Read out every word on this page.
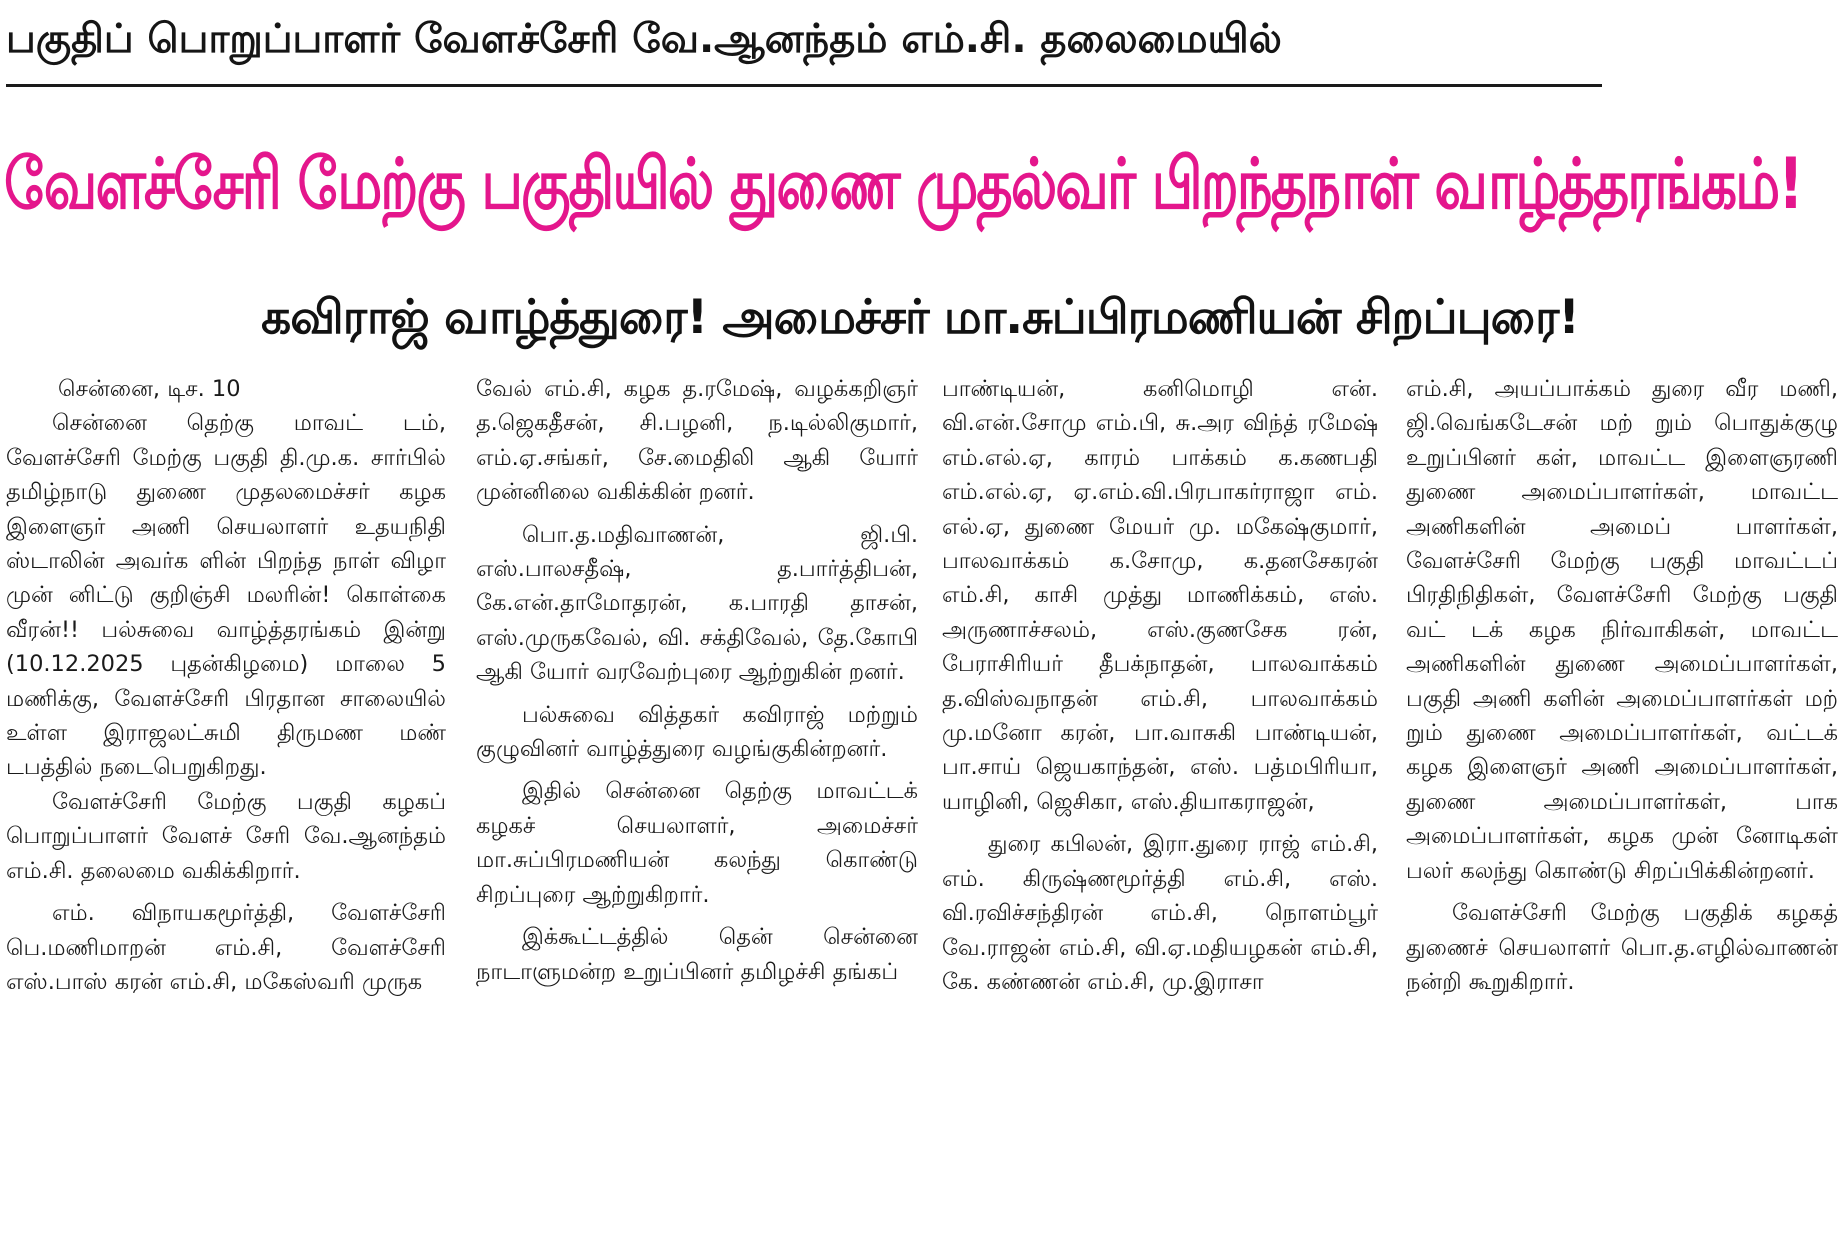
பகுதிப் பொறுப்பாளர் வேளச்சேரி வே.ஆனந்தம் எம்.சி. தலைமையில்
வேளச்சேரி மேற்கு பகுதியில் துணை முதல்வர் பிறந்தநாள் வாழ்த்தரங்கம்!
கவிராஜ் வாழ்த்துரை! அமைச்சர் மா.சுப்பிரமணியன் சிறப்புரை!

சென்னை, டிச. 10

சென்னை தெற்கு மாவட் டம், வேளச்சேரி மேற்கு பகுதி தி.மு.க. சார்பில் தமிழ்நாடு துணை முதலமைச்சர் கழக இளைஞர் அணி செயலாளர் உதயநிதி ஸ்டாலின் அவர்க ளின் பிறந்த நாள் விழா முன் னிட்டு குறிஞ்சி மலரின்! கொள்கை வீரன்!! பல்சுவை வாழ்த்தரங்கம் இன்று (10.12.2025 புதன்கிழமை) மாலை 5 மணிக்கு, வேளச்சேரி பிரதான சாலையில் உள்ள இராஜலட்சுமி திருமண மண் டபத்தில் நடைபெறுகிறது.

வேளச்சேரி மேற்கு பகுதி கழகப் பொறுப்பாளர் வேளச் சேரி வே.ஆனந்தம் எம்.சி. தலைமை வகிக்கிறார்.

எம். விநாயகமூர்த்தி, வேளச்சேரி பெ.மணிமாறன் எம்.சி, வேளச்சேரி எஸ்.பாஸ் கரன் எம்.சி, மகேஸ்வரி முருக

வேல் எம்.சி, கழக த.ரமேஷ், வழக்கறிஞர் த.ஜெகதீசன், சி.பழனி, ந.டில்லிகுமார், எம்.ஏ.சங்கர், சே.மைதிலி ஆகி யோர் முன்னிலை வகிக்கின் றனர்.

பொ.த.மதிவாணன், ஜி.பி. எஸ்.பாலசதீஷ், த.பார்த்திபன், கே.என்.தாமோதரன், க.பாரதி தாசன், எஸ்.முருகவேல், வி. சக்திவேல், தே.கோபி ஆகி யோர் வரவேற்புரை ஆற்றுகின் றனர்.

பல்சுவை வித்தகர் கவிராஜ் மற்றும் குழுவினர் வாழ்த்துரை வழங்குகின்றனர்.

இதில் சென்னை தெற்கு மாவட்டக் கழகச் செயலாளர், அமைச்சர் மா.சுப்பிரமணியன் கலந்து கொண்டு சிறப்புரை ஆற்றுகிறார்.

இக்கூட்டத்தில் தென் சென்னை நாடாளுமன்ற உறுப்பினர் தமிழச்சி தங்கப்

பாண்டியன், கனிமொழி என். வி.என்.சோமு எம்.பி, சு.அர விந்த் ரமேஷ் எம்.எல்.ஏ, காரம் பாக்கம் க.கணபதி எம்.எல்.ஏ, ஏ.எம்.வி.பிரபாகர்ராஜா எம். எல்.ஏ, துணை மேயர் மு. மகேஷ்குமார், பாலவாக்கம் க.சோமு, க.தனசேகரன் எம்.சி, காசி முத்து மாணிக்கம், எஸ். அருணாச்சலம், எஸ்.குணசேக ரன், பேராசிரியர் தீபக்நாதன், பாலவாக்கம் த.விஸ்வநாதன் எம்.சி, பாலவாக்கம் மு.மனோ கரன், பா.வாசுகி பாண்டியன், பா.சாய் ஜெயகாந்தன், எஸ். பத்மபிரியா, யாழினி, ஜெசிகா, எஸ்.தியாகராஜன்,

துரை கபிலன், இரா.துரை ராஜ் எம்.சி, எம். கிருஷ்ணமூர்த்தி எம்.சி, எஸ். வி.ரவிச்சந்திரன் எம்.சி, நொளம்பூர் வே.ராஜன் எம்.சி, வி.ஏ.மதியழகன் எம்.சி, கே. கண்ணன் எம்.சி, மு.இராசா

எம்.சி, அயப்பாக்கம் துரை வீர மணி, ஜி.வெங்கடேசன் மற் றும் பொதுக்குழு உறுப்பினர் கள், மாவட்ட இளைஞரணி துணை அமைப்பாளர்கள், மாவட்ட அணிகளின் அமைப் பாளர்கள், வேளச்சேரி மேற்கு பகுதி மாவட்டப் பிரதிநிதிகள், வேளச்சேரி மேற்கு பகுதி வட் டக் கழக நிர்வாகிகள், மாவட்ட அணிகளின் துணை அமைப்பாளர்கள், பகுதி அணி களின் அமைப்பாளர்கள் மற் றும் துணை அமைப்பாளர்கள், வட்டக் கழக இளைஞர் அணி அமைப்பாளர்கள், துணை அமைப்பாளர்கள், பாக அமைப்பாளர்கள், கழக முன் னோடிகள் பலர் கலந்து கொண்டு சிறப்பிக்கின்றனர்.

வேளச்சேரி மேற்கு பகுதிக் கழகத் துணைச் செயலாளர் பொ.த.எழில்வாணன் நன்றி கூறுகிறார்.
